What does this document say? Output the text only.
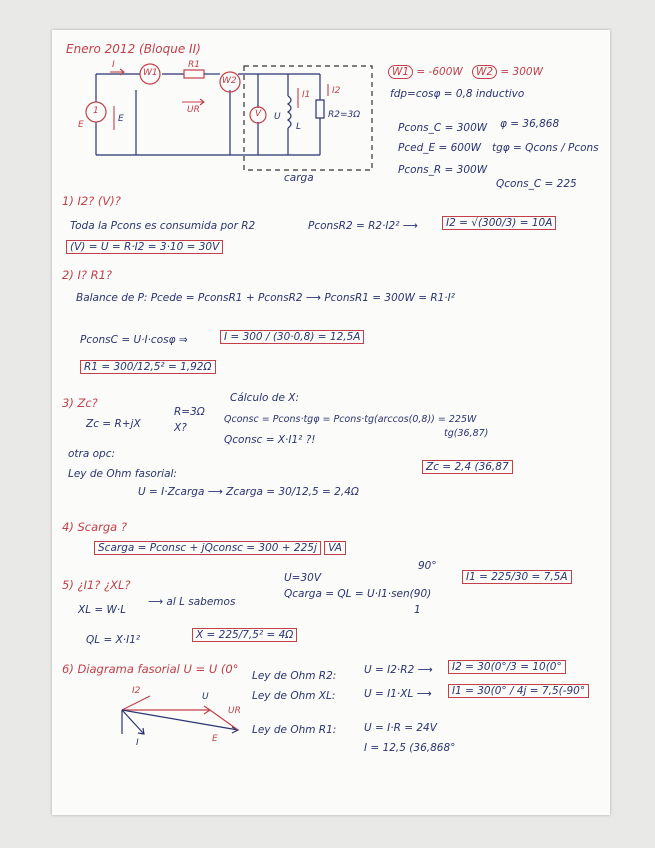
Enero 2012 (Bloque II)
I
W1
R1
W2
UR
E
1
E	V U
I1
L
I2
R2=3Ω
carga
W1 = -600W	W2 = 300W
fdp=cosφ = 0,8 inductivo
Pcons_C = 300W φ = 36,868
Pced_E = 600W tgφ = Qcons / Pcons
Pcons_R = 300W
Qcons_C = 225
1) I2? (V)?
Toda la Pcons es consumida por R2	PconsR2 = R2·I2² ⟶	I2 = √(300/3) = 10A
(V) = U = R·I2 = 3·10 = 30V
2) I? R1?
Balance de P: Pcede = PconsR1 + PconsR2 ⟶ PconsR1 = 300W = R1·I²
PconsC = U·I·cosφ ⇒	I = 300 / (30·0,8) = 12,5A
R1 = 300/12,5² = 1,92Ω
3) Zc?
Zc = R+jX
R=3Ω
X?
Cálculo de X:
Qconsc = Pcons·tgφ = Pcons·tg(arccos(0,8)) = 225W
tg(36,87)
Qconsc = X·I1² ?!
otra opc:
Ley de Ohm fasorial:
U = I·Zcarga ⟶ Zcarga = 30/12,5 = 2,4Ω
Zc = 2,4 (36,87
4) Scarga ?
Scarga = Pconsc + jQconsc = 300 + 225j VA
5) ¿I1? ¿XL?
90°
XL = W·L
⟶ al L sabemos
U=30V
Qcarga = QL = U·I1·sen(90)
1
I1 = 225/30 = 7,5A
QL = X·I1²	X = 225/7,5² = 4Ω
6) Diagrama fasorial U = U (0° Ley de Ohm R2:	U = I2·R2 ⟶	I2 = 30(0°/3 = 10(0°
Ley de Ohm XL:	U = I1·XL ⟶	I1 = 30(0° / 4j = 7,5(-90°
Ley de Ohm R1:	U = I·R = 24V
I = 12,5 (36,868°
I2
U
UR
I	E
